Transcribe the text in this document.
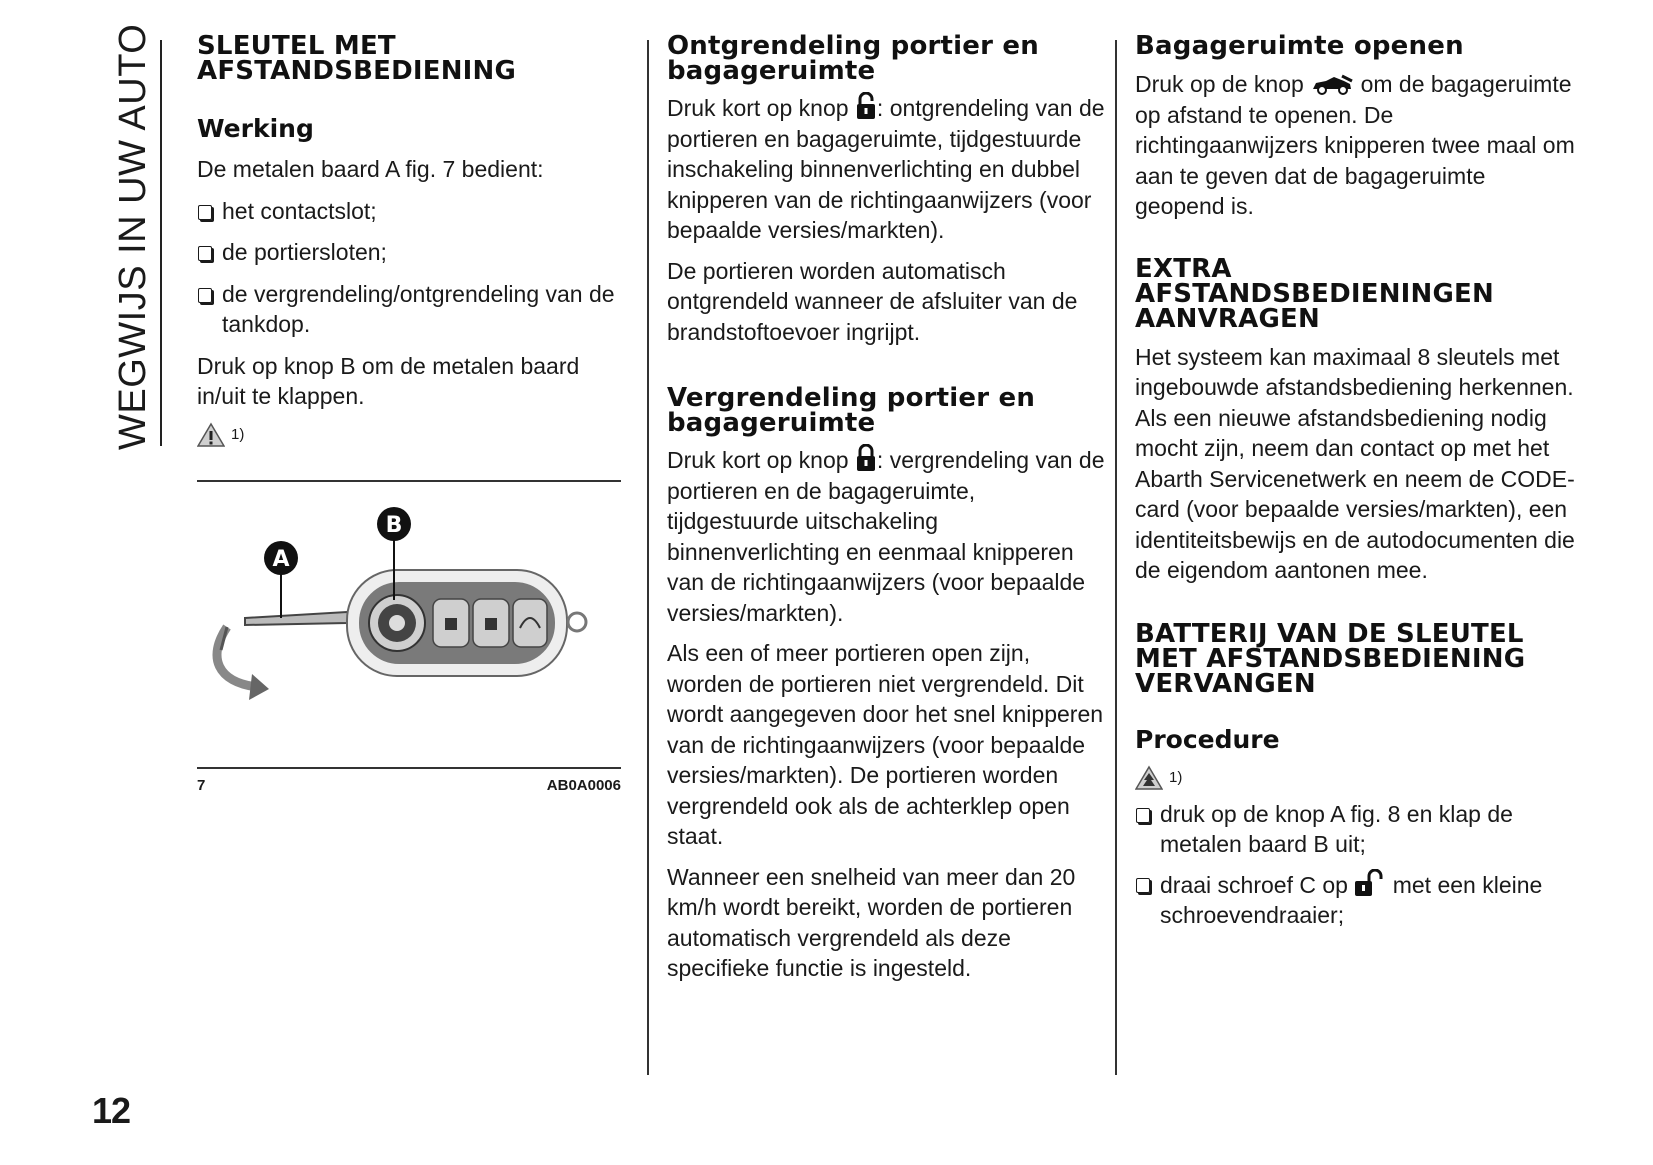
WEGWIJS IN UW AUTO SLEUTEL MET AFSTANDSBEDIENING
Werking

De metalen baard A fig. 7 bedient:

het contactslot;

de portiersloten;

de vergrendeling/ontgrendeling van de tankdop.

Druk op knop B om de metalen baard in/uit te klappen.

1)
A
B
7	AB0A0006
Ontgrendeling portier en bagageruimte

Druk kort op knop : ontgrendeling van de portieren en bagageruimte, tijdgestuurde inschakeling binnenverlichting en dubbel knipperen van de richtingaanwijzers (voor bepaalde versies/markten).

De portieren worden automatisch ontgrendeld wanneer de afsluiter van de brandstoftoevoer ingrijpt.

Vergrendeling portier en bagageruimte

Druk kort op knop : vergrendeling van de portieren en de bagageruimte, tijdgestuurde uitschakeling binnenverlichting en eenmaal knipperen van de richtingaanwijzers (voor bepaalde versies/markten).

Als een of meer portieren open zijn, worden de portieren niet vergrendeld. Dit wordt aangegeven door het snel knipperen van de richtingaanwijzers (voor bepaalde versies/markten). De portieren worden vergrendeld ook als de achterklep open staat.

Wanneer een snelheid van meer dan 20 km/h wordt bereikt, worden de portieren automatisch vergrendeld als deze specifieke functie is ingesteld.

Bagageruimte openen

Druk op de knop om de bagageruimte op afstand te openen. De richtingaanwijzers knipperen twee maal om aan te geven dat de bagageruimte geopend is.

EXTRA AFSTANDSBEDIENINGEN AANVRAGEN

Het systeem kan maximaal 8 sleutels met ingebouwde afstandsbediening herkennen. Als een nieuwe afstandsbediening nodig mocht zijn, neem dan contact op met het Abarth Servicenetwerk en neem de CODE-card (voor bepaalde versies/markten), een identiteitsbewijs en de autodocumenten die de eigendom aantonen mee.

BATTERIJ VAN DE SLEUTEL MET AFSTANDSBEDIENING VERVANGEN
Procedure
1)

druk op de knop A fig. 8 en klap de metalen baard B uit;

draai schroef C op met een kleine schroevendraaier;

12
